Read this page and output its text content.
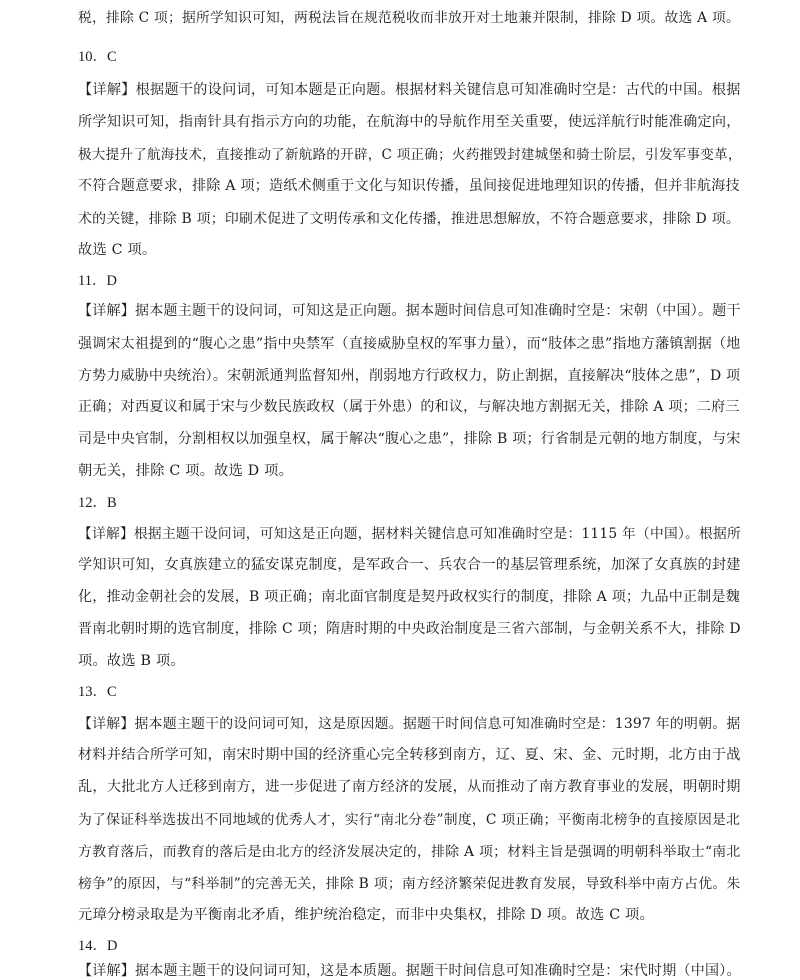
税，排除 C 项；据所学知识可知，两税法旨在规范税收而非放开对土地兼并限制，排除 D 项。故选 A 项。
10．C
【详解】根据题干的设问词，可知本题是正向题。根据材料关键信息可知准确时空是：古代的中国。根据
所学知识可知，指南针具有指示方向的功能，在航海中的导航作用至关重要，使远洋航行时能准确定向，
极大提升了航海技术，直接推动了新航路的开辟，C 项正确；火药摧毁封建城堡和骑士阶层，引发军事变革，
不符合题意要求，排除 A 项；造纸术侧重于文化与知识传播，虽间接促进地理知识的传播，但并非航海技
术的关键，排除 B 项；印刷术促进了文明传承和文化传播，推进思想解放，不符合题意要求，排除 D 项。
故选 C 项。
11．D
【详解】据本题主题干的设问词，可知这是正向题。据本题时间信息可知准确时空是：宋朝（中国）。题干
强调宋太祖提到的“腹心之患”指中央禁军（直接威胁皇权的军事力量），而“肢体之患”指地方藩镇割据（地
方势力威胁中央统治）。宋朝派通判监督知州，削弱地方行政权力，防止割据，直接解决“肢体之患”，D 项
正确；对西夏议和属于宋与少数民族政权（属于外患）的和议，与解决地方割据无关，排除 A 项；二府三
司是中央官制，分割相权以加强皇权，属于解决“腹心之患”，排除 B 项；行省制是元朝的地方制度，与宋
朝无关，排除 C 项。故选 D 项。
12．B
【详解】根据主题干设问词，可知这是正向题，据材料关键信息可知准确时空是：1115 年（中国）。根据所
学知识可知，女真族建立的猛安谋克制度，是军政合一、兵农合一的基层管理系统，加深了女真族的封建
化，推动金朝社会的发展，B 项正确；南北面官制度是契丹政权实行的制度，排除 A 项；九品中正制是魏
晋南北朝时期的选官制度，排除 C 项；隋唐时期的中央政治制度是三省六部制，与金朝关系不大，排除 D
项。故选 B 项。
13．C
【详解】据本题主题干的设问词可知，这是原因题。据题干时间信息可知准确时空是：1397 年的明朝。据
材料并结合所学可知，南宋时期中国的经济重心完全转移到南方，辽、夏、宋、金、元时期，北方由于战
乱，大批北方人迁移到南方，进一步促进了南方经济的发展，从而推动了南方教育事业的发展，明朝时期
为了保证科举选拔出不同地域的优秀人才，实行“南北分卷”制度，C 项正确；平衡南北榜争的直接原因是北
方教育落后，而教育的落后是由北方的经济发展决定的，排除 A 项；材料主旨是强调的明朝科举取士“南北
榜争”的原因，与“科举制”的完善无关，排除 B 项；南方经济繁荣促进教育发展，导致科举中南方占优。朱
元璋分榜录取是为平衡南北矛盾，维护统治稳定，而非中央集权，排除 D 项。故选 C 项。
14．D
【详解】据本题主题干的设问词可知，这是本质题。据题干时间信息可知准确时空是：宋代时期（中国）。
